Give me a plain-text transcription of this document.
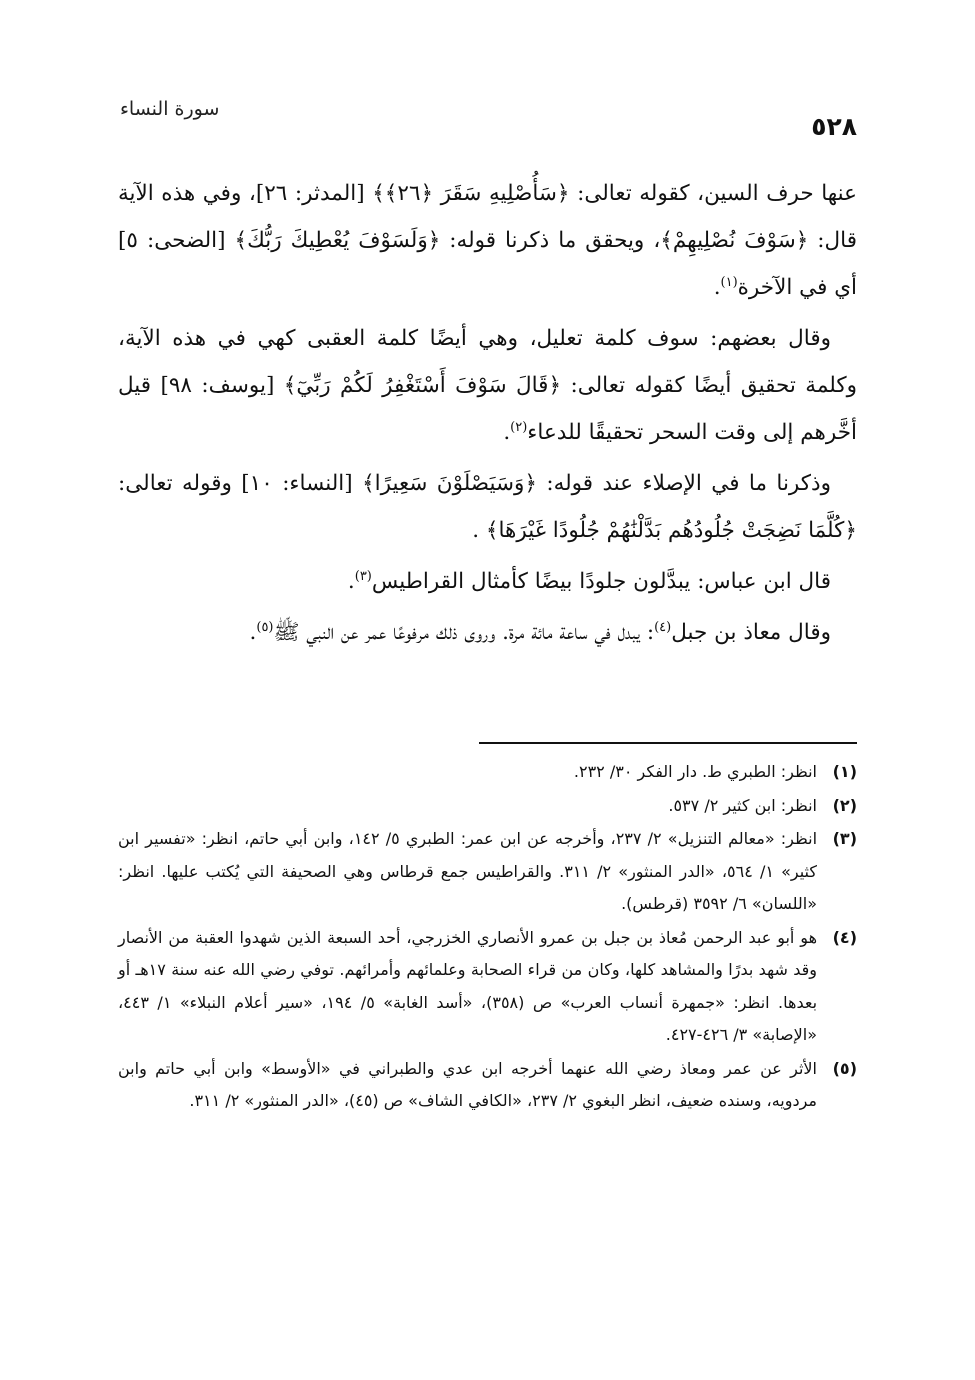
٥٢٨
سورة النساء

عنها حرف السين، كقوله تعالى: ﴿سَأُصْلِيهِ سَقَرَ ﴿٢٦﴾﴾ [المدثر: ٢٦]، وفي هذه الآية قال: ﴿سَوْفَ نُصْلِيهِمْ﴾، ويحقق ما ذكرنا قوله: ﴿وَلَسَوْفَ يُعْطِيكَ رَبُّكَ﴾ [الضحى: ٥] أي في الآخرة$^{(١)}$.

وقال بعضهم: سوف كلمة تعليل، وهي أيضًا كلمة العقبى كهي في هذه الآية، وكلمة تحقيق أيضًا كقوله تعالى: ﴿قَالَ سَوْفَ أَسْتَغْفِرُ لَكُمْ رَبِّيٓ﴾ [يوسف: ٩٨] قيل أخَّرهم إلى وقت السحر تحقيقًا للدعاء$^{(٢)}$.

وذكرنا ما في الإصلاء عند قوله: ﴿وَسَيَصْلَوْنَ سَعِيرًا﴾ [النساء: ١٠] وقوله تعالى: ﴿كُلَّمَا نَضِجَتْ جُلُودُهُم بَدَّلْنَٰهُمْ جُلُودًا غَيْرَهَا﴾ .

قال ابن عباس: يبدَّلون جلودًا بيضًا كأمثال القراطيس$^{(٣)}$.

وقال معاذ بن جبل$^{(٤)}$: يبدل في ساعة مائة مرة. وروى ذلك مرفوعًا عمر عن النبي ﷺ$^{(٥)}$.

(١)
انظر: الطبري ط. دار الفكر ٣٠/ ٢٣٢.
(٢)
انظر: ابن كثير ٢/ ٥٣٧.
(٣)
انظر: «معالم التنزيل» ٢/ ٢٣٧، وأخرجه عن ابن عمر: الطبري ٥/ ١٤٢، وابن أبي حاتم، انظر: «تفسير ابن كثير» ١/ ٥٦٤، «الدر المنثور» ٢/ ٣١١. والقراطيس جمع قرطاس وهي الصحيفة التي يُكتب عليها. انظر: «اللسان» ٦/ ٣٥٩٢ (قرطس).
(٤)
هو أبو عبد الرحمن مُعاذ بن جبل بن عمرو الأنصاري الخزرجي، أحد السبعة الذين شهدوا العقبة من الأنصار وقد شهد بدرًا والمشاهد كلها، وكان من قراء الصحابة وعلمائهم وأمرائهم. توفي رضي الله عنه سنة ١٧هـ أو بعدها. انظر: «جمهرة أنساب العرب» ص (٣٥٨)، «أسد الغابة» ٥/ ١٩٤، «سير أعلام النبلاء» ١/ ٤٤٣، «الإصابة» ٣/ ٤٢٦-٤٢٧.
(٥)
الأثر عن عمر ومعاذ رضي الله عنهما أخرجه ابن عدي والطبراني في «الأوسط» وابن أبي حاتم وابن مردويه، وسنده ضعيف، انظر البغوي ٢/ ٢٣٧، «الكافي الشاف» ص (٤٥)، «الدر المنثور» ٢/ ٣١١.
